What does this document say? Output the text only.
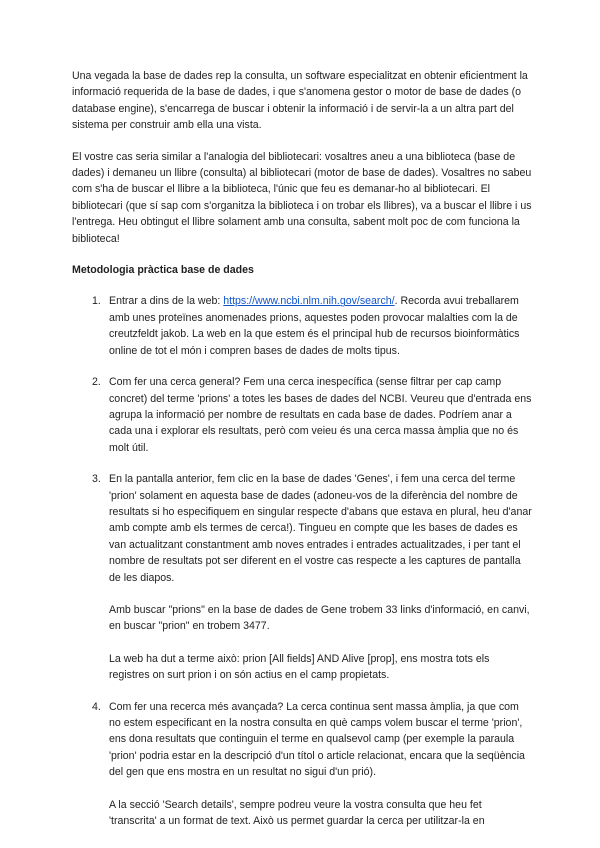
Una vegada la base de dades rep la consulta, un software especialitzat en obtenir eficientment la informació requerida de la base de dades, i que s'anomena gestor o motor de base de dades (o database engine), s'encarrega de buscar i obtenir la informació i de servir-la a un altra part del sistema per construir amb ella una vista.

El vostre cas seria similar a l'analogia del bibliotecari: vosaltres aneu a una biblioteca (base de dades) i demaneu un llibre (consulta) al bibliotecari (motor de base de dades). Vosaltres no sabeu com s'ha de buscar el llibre a la biblioteca, l'únic que feu es demanar-ho al bibliotecari. El bibliotecari (que sí sap com s'organitza la biblioteca i on trobar els llibres), va a buscar el llibre i us l'entrega. Heu obtingut el llibre solament amb una consulta, sabent molt poc de com funciona la biblioteca!

Metodologia pràctica base de dades
1. Entrar a dins de la web: https://www.ncbi.nlm.nih.gov/search/. Recorda avui treballarem amb unes proteïnes anomenades prions, aquestes poden provocar malalties com la de creutzfeldt jakob. La web en la que estem és el principal hub de recursos bioinformàtics online de tot el món i compren bases de dades de molts tipus.

2. Com fer una cerca general? Fem una cerca inespecífica (sense filtrar per cap camp concret) del terme 'prions' a totes les bases de dades del NCBI. Veureu que d'entrada ens agrupa la informació per nombre de resultats en cada base de dades. Podríem anar a cada una i explorar els resultats, però com veieu és una cerca massa àmplia que no és molt útil.

3. En la pantalla anterior, fem clic en la base de dades 'Genes', i fem una cerca del terme 'prion' solament en aquesta base de dades (adoneu-vos de la diferència del nombre de resultats si ho especifiquem en singular respecte d'abans que estava en plural, heu d'anar amb compte amb els termes de cerca!). Tingueu en compte que les bases de dades es van actualitzant constantment amb noves entrades i entrades actualitzades, i per tant el nombre de resultats pot ser diferent en el vostre cas respecte a les captures de pantalla de les diapos.

Amb buscar "prions" en la base de dades de Gene trobem 33 links d'informació, en canvi, en buscar "prion" en trobem 3477.

La web ha dut a terme això: prion [All fields] AND Alive [prop], ens mostra tots els registres on surt prion i on són actius en el camp propietats.

4. Com fer una recerca més avançada? La cerca continua sent massa àmplia, ja que com no estem especificant en la nostra consulta en què camps volem buscar el terme 'prion', ens dona resultats que continguin el terme en qualsevol camp (per exemple la paraula 'prion' podria estar en la descripció d'un títol o article relacionat, encara que la seqüència del gen que ens mostra en un resultat no sigui d'un prió).

A la secció 'Search details', sempre podreu veure la vostra consulta que heu fet 'transcrita' a un format de text. Això us permet guardar la cerca per utilitzar-la en
